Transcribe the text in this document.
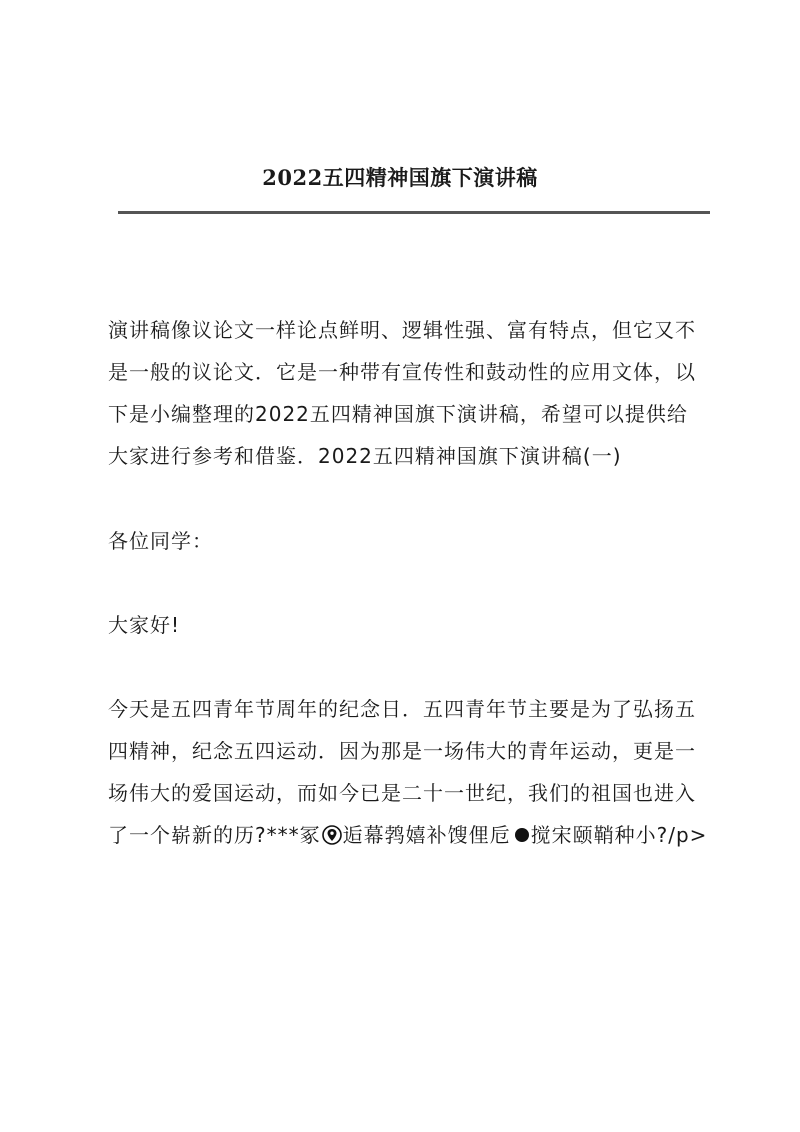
2022五四精神国旗下演讲稿

演讲稿像议论文一样论点鲜明、逻辑性强、富有特点，但它又不
是一般的议论文．它是一种带有宣传性和鼓动性的应用文体，以
下是小编整理的2022五四精神国旗下演讲稿，希望可以提供给
大家进行参考和借鉴．2022五四精神国旗下演讲稿(一)

各位同学：

大家好!

今天是五四青年节周年的纪念日．五四青年节主要是为了弘扬五
四精神，纪念五四运动．因为那是一场伟大的青年运动，更是一
场伟大的爱国运动，而如今已是二十一世纪，我们的祖国也进入
了一个崭新的历?***冢 逅幕鹁嬉补馊俚卮 搅宋颐鞘种小?/p>
